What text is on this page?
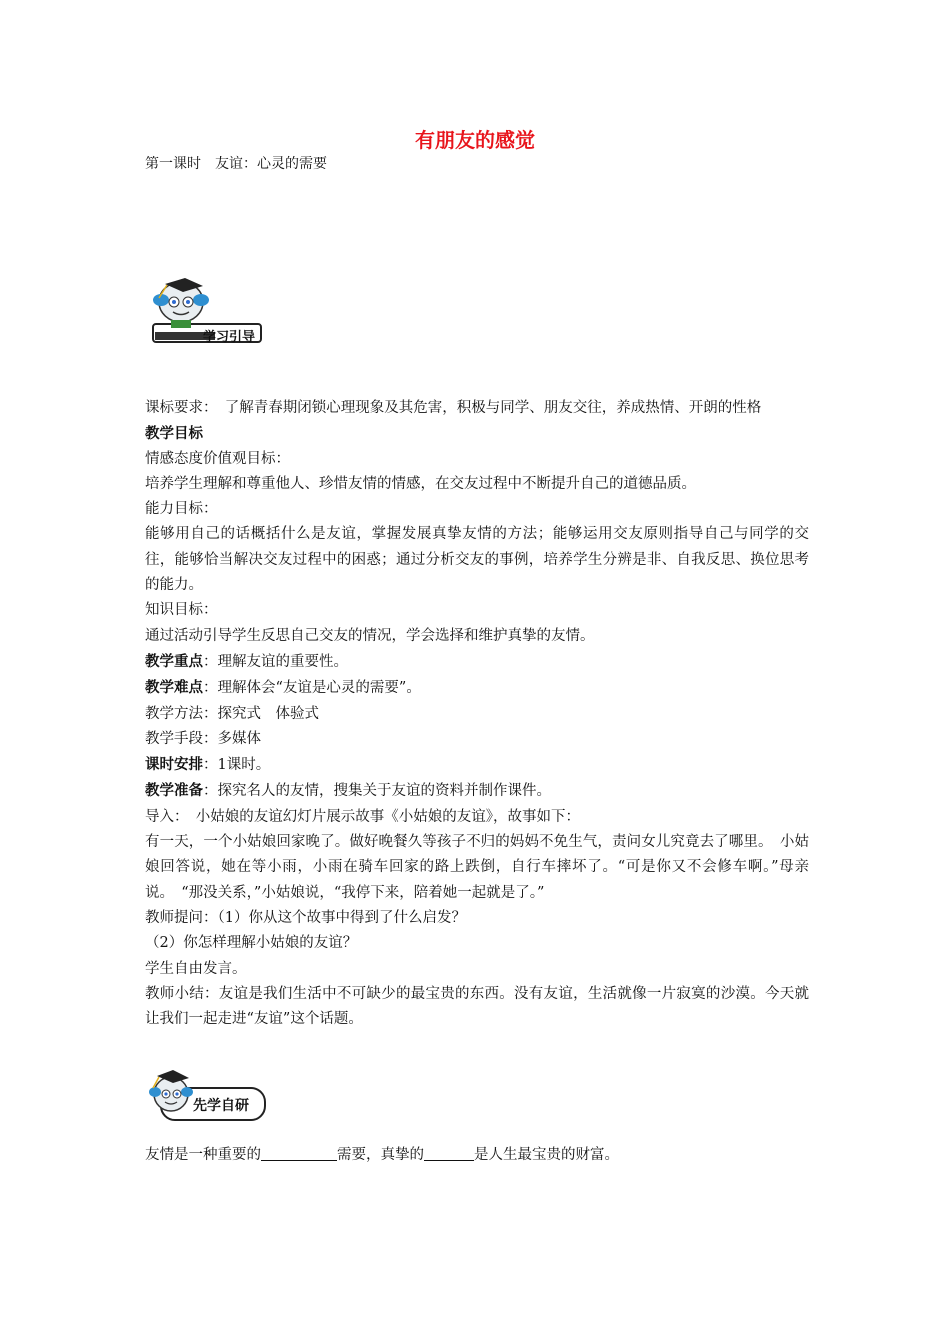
有朋友的感觉
第一课时　友谊：心灵的需要
学习引导

课标要求：　了解青春期闭锁心理现象及其危害，积极与同学、朋友交往，养成热情、开朗的性格

教学目标

情感态度价值观目标：

培养学生理解和尊重他人、珍惜友情的情感，在交友过程中不断提升自己的道德品质。

能力目标：

能够用自己的话概括什么是友谊，掌握发展真挚友情的方法；能够运用交友原则指导自己与同学的交往，能够恰当解决交友过程中的困惑；通过分析交友的事例，培养学生分辨是非、自我反思、换位思考的能力。

知识目标：

通过活动引导学生反思自己交友的情况，学会选择和维护真挚的友情。

教学重点：理解友谊的重要性。

教学难点：理解体会“友谊是心灵的需要”。

教学方法：探究式　体验式

教学手段：多媒体

课时安排：1课时。

教学准备：探究名人的友情，搜集关于友谊的资料并制作课件。

导入：　小姑娘的友谊幻灯片展示故事《小姑娘的友谊》，故事如下：

有一天，一个小姑娘回家晚了。做好晚餐久等孩子不归的妈妈不免生气，责问女儿究竟去了哪里。　小姑娘回答说，她在等小雨，小雨在骑车回家的路上跌倒，自行车摔坏了。“可是你又不会修车啊。”母亲说。　“那没关系，”小姑娘说，“我停下来，陪着她一起就是了。”

教师提问：（1）你从这个故事中得到了什么启发？

（2）你怎样理解小姑娘的友谊？

学生自由发言。

教师小结：友谊是我们生活中不可缺少的最宝贵的东西。没有友谊，生活就像一片寂寞的沙漠。今天就让我们一起走进“友谊”这个话题。

先学自研
友情是一种重要的	需要，真挚的	是人生最宝贵的财富。
